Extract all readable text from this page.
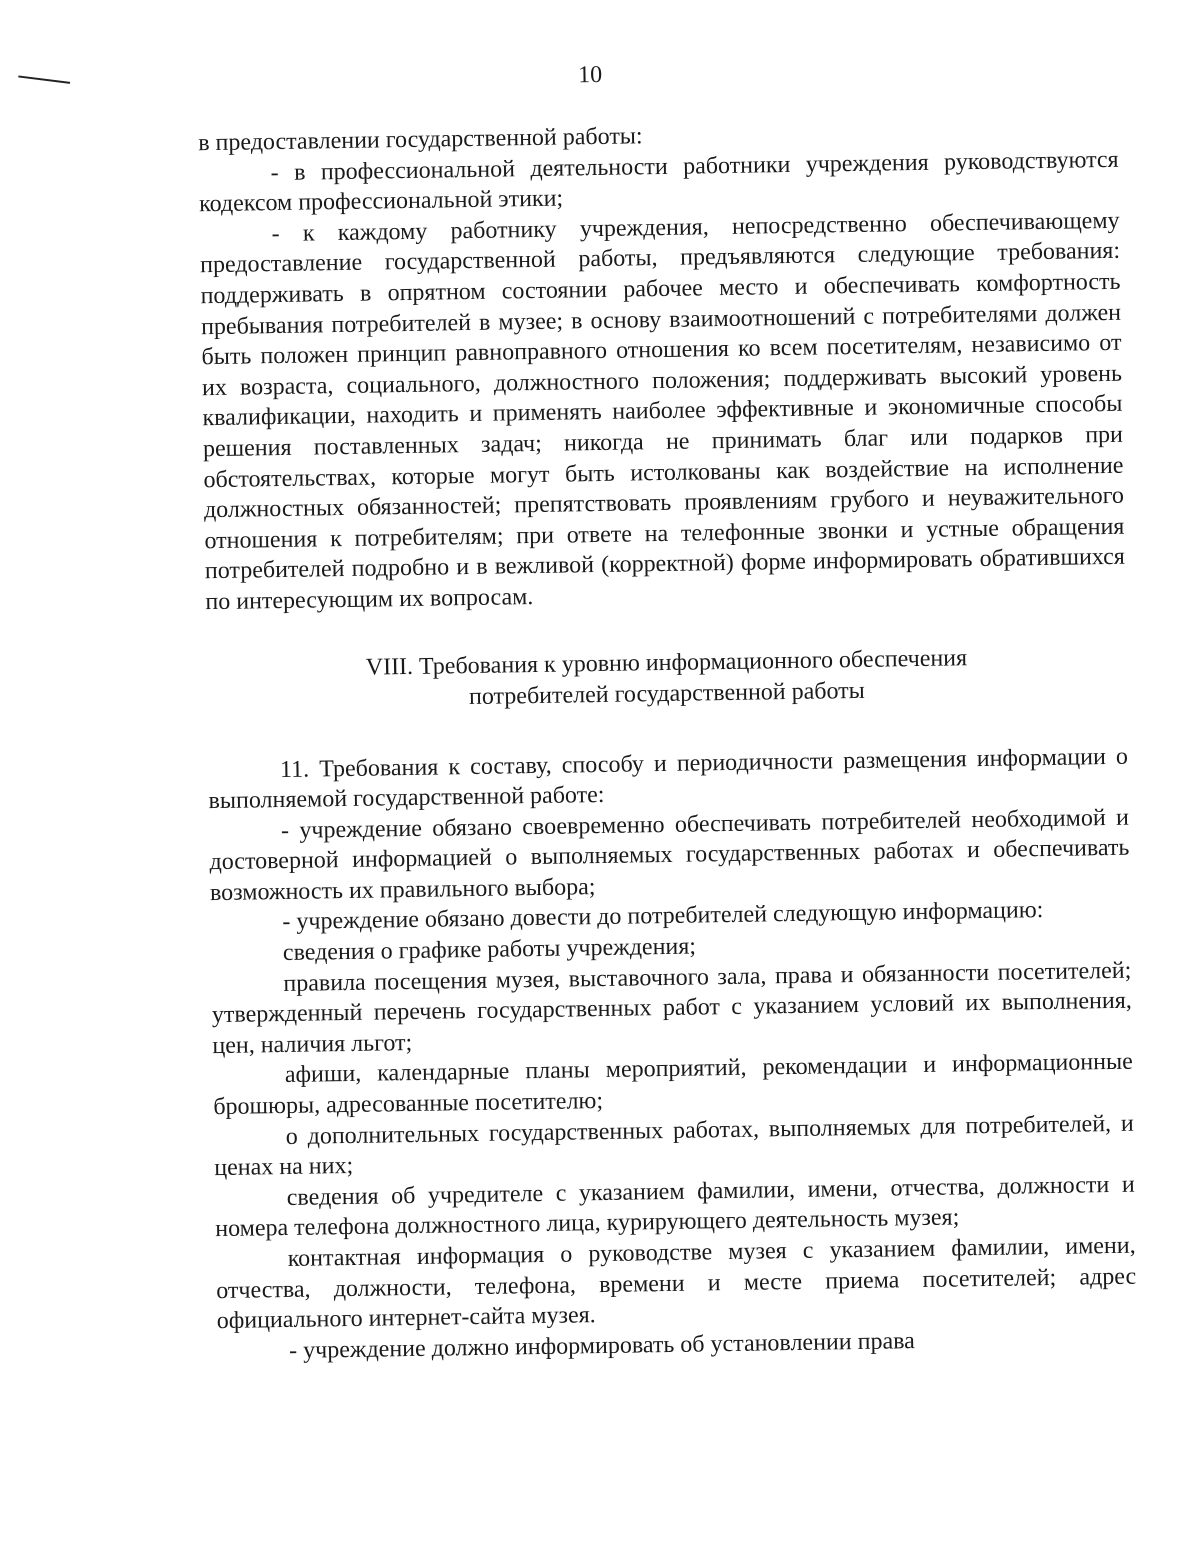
10

в предоставлении государственной работы:

- в профессиональной деятельности работники учреждения руководствуются кодексом профессиональной этики;

- к каждому работнику учреждения, непосредственно обеспечивающему предоставление государственной работы, предъявляются следующие требования: поддерживать в опрятном состоянии рабочее место и обеспечивать комфортность пребывания потребителей в музее; в основу взаимоотношений с потребителями должен быть положен принцип равноправного отношения ко всем посетителям, независимо от их возраста, социального, должностного положения; поддерживать высокий уровень квалификации, находить и применять наиболее эффективные и экономичные способы решения поставленных задач; никогда не принимать благ или подарков при обстоятельствах, которые могут быть истолкованы как воздействие на исполнение должностных обязанностей; препятствовать проявлениям грубого и неуважительного отношения к потребителям; при ответе на телефонные звонки и устные обращения потребителей подробно и в вежливой (корректной) форме информировать обратившихся по интересующим их вопросам.

VIII. Требования к уровню информационного обеспечения
потребителей государственной работы

11. Требования к составу, способу и периодичности размещения информации о выполняемой государственной работе:

- учреждение обязано своевременно обеспечивать потребителей необходимой и достоверной информацией о выполняемых государственных работах и обеспечивать возможность их правильного выбора;

- учреждение обязано довести до потребителей следующую информацию:

сведения о графике работы учреждения;

правила посещения музея, выставочного зала, права и обязанности посетителей; утвержденный перечень государственных работ с указанием условий их выполнения, цен, наличия льгот;

афиши, календарные планы мероприятий, рекомендации и информационные брошюры, адресованные посетителю;

о дополнительных государственных работах, выполняемых для потребителей, и ценах на них;

сведения об учредителе с указанием фамилии, имени, отчества, должности и номера телефона должностного лица, курирующего деятельность музея;

контактная информация о руководстве музея с указанием фамилии, имени, отчества, должности, телефона, времени и месте приема посетителей; адрес официального интернет-сайта музея.

- учреждение должно информировать об установлении права
